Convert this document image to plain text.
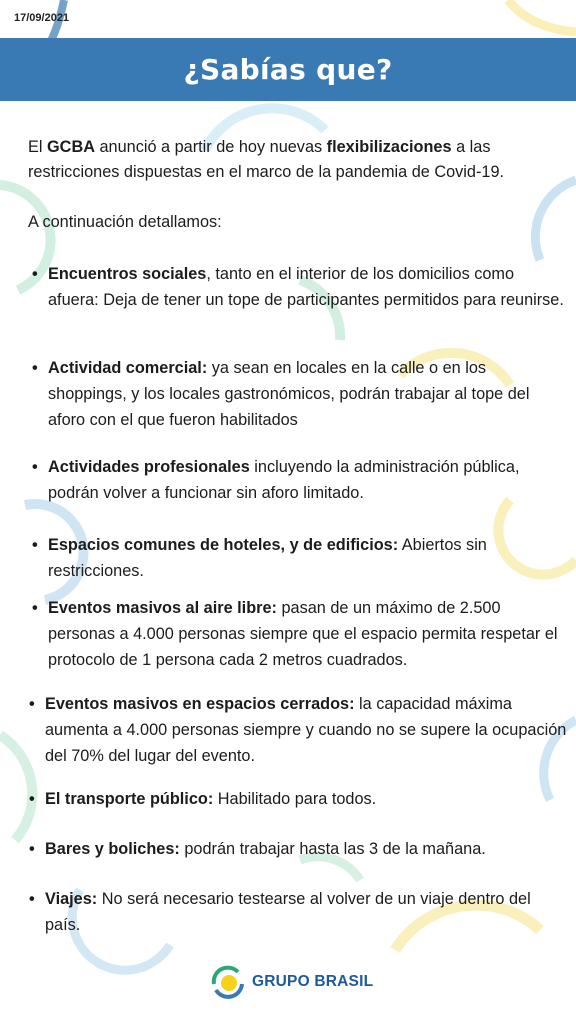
17/09/2021
¿Sabías que?

El GCBA anunció a partir de hoy nuevas flexibilizaciones a las restricciones dispuestas en el marco de la pandemia de Covid-19.

A continuación detallamos:

• Encuentros sociales, tanto en el interior de los domicilios como afuera: Deja de tener un tope de participantes permitidos para reunirse.
• Actividad comercial: ya sean en locales en la calle o en los shoppings, y los locales gastronómicos, podrán trabajar al tope del aforo con el que fueron habilitados
• Actividades profesionales incluyendo la administración pública, podrán volver a funcionar sin aforo limitado.
• Espacios comunes de hoteles, y de edificios: Abiertos sin restricciones.
• Eventos masivos al aire libre: pasan de un máximo de 2.500 personas a 4.000 personas siempre que el espacio permita respetar el protocolo de 1 persona cada 2 metros cuadrados.
• Eventos masivos en espacios cerrados: la capacidad máxima aumenta a 4.000 personas siempre y cuando no se supere la ocupación del 70% del lugar del evento.
• El transporte público: Habilitado para todos.
• Bares y boliches: podrán trabajar hasta las 3 de la mañana.
• Viajes: No será necesario testearse al volver de un viaje dentro del país.
GRUPO BRASIL
